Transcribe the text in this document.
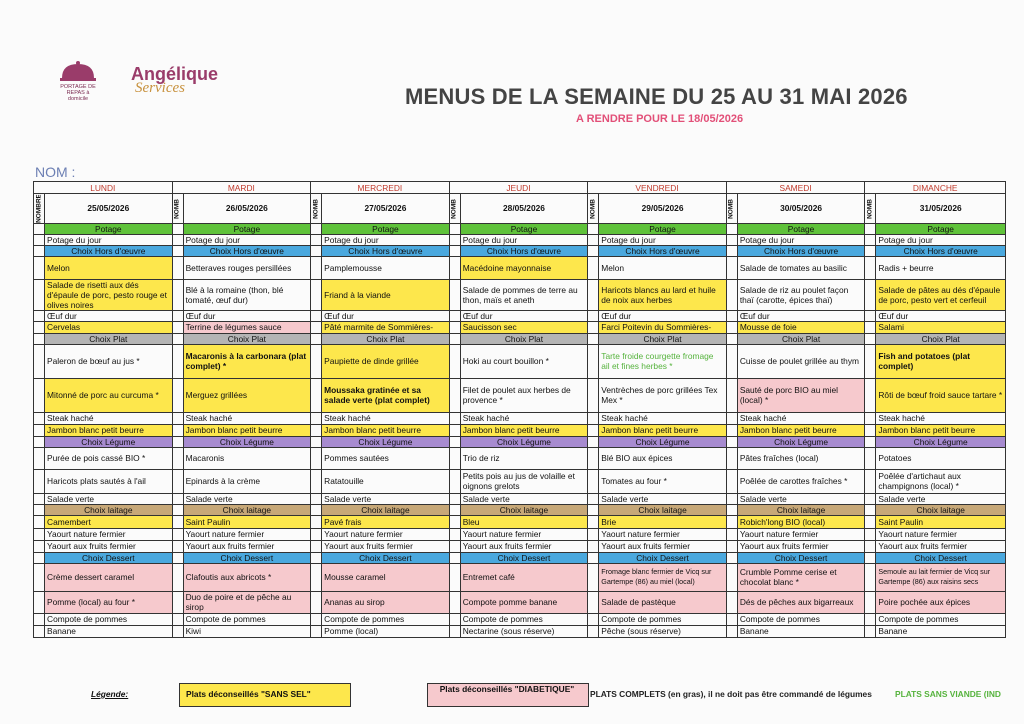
PORTAGE DE REPAS à domicile
Angélique
Services	MENUS DE LA SEMAINE DU 25 AU 31 MAI 2026
A RENDRE POUR LE 18/05/2026
NOM :
LUNDI		MARDI		MERCREDI		JEUDI		VENDREDI		SAMEDI		DIMANCHE	
NOMBRE	25/05/2026	NOMB	26/05/2026	NOMB	27/05/2026	NOMB	28/05/2026	NOMB	29/05/2026	NOMB	30/05/2026	NOMB	31/05/2026
	Potage		Potage		Potage		Potage		Potage		Potage		Potage
	Potage du jour		Potage du jour		Potage du jour		Potage du jour		Potage du jour		Potage du jour		Potage du jour
	Choix Hors d'œuvre		Choix Hors d'œuvre		Choix Hors d'œuvre		Choix Hors d'œuvre		Choix Hors d'œuvre		Choix Hors d'œuvre		Choix Hors d'œuvre
	Melon		Betteraves rouges persillées		Pamplemousse		Macédoine mayonnaise		Melon		Salade de tomates au basilic		Radis + beurre
	Salade de risetti aux dés d'épaule de porc, pesto rouge et olives noires		Blé à la romaine (thon, blé tomaté, œuf dur)		Friand à la viande		Salade de pommes de terre au thon, maïs et aneth		Haricots blancs au lard et huile de noix aux herbes		Salade de riz au poulet façon thaï (carotte, épices thaï)		Salade de pâtes au dés d'épaule de porc, pesto vert et cerfeuil
	Œuf dur		Œuf dur		Œuf dur		Œuf dur		Œuf dur		Œuf dur		Œuf dur
	Cervelas		Terrine de légumes sauce		Pâté marmite de Sommières-		Saucisson sec		Farci Poitevin du Sommières-		Mousse de foie		Salami
	Choix Plat		Choix Plat		Choix Plat		Choix Plat		Choix Plat		Choix Plat		Choix Plat
	Paleron de bœuf au jus *		Macaronis à la carbonara (plat complet) *		Paupiette de dinde grillée		Hoki au court bouillon *		Tarte froide courgette fromage ail et fines herbes *		Cuisse de poulet grillée au thym		Fish and potatoes (plat complet)
	Mitonné de porc au curcuma *		Merguez grillées		Moussaka gratinée et sa salade verte (plat complet)		Filet de poulet aux herbes de provence *		Ventrèches de porc grillées Tex Mex *		Sauté de porc BIO au miel (local) *		Rôti de bœuf froid sauce tartare *
	Steak haché		Steak haché		Steak haché		Steak haché		Steak haché		Steak haché		Steak haché
	Jambon blanc petit beurre		Jambon blanc petit beurre		Jambon blanc petit beurre		Jambon blanc petit beurre		Jambon blanc petit beurre		Jambon blanc petit beurre		Jambon blanc petit beurre
	Choix Légume		Choix Légume		Choix Légume		Choix Légume		Choix Légume		Choix Légume		Choix Légume
	Purée de pois cassé BIO *		Macaronis		Pommes sautées		Trio de riz		Blé BIO aux épices		Pâtes fraîches (local)		Potatoes
	Haricots plats sautés à l'ail		Epinards à la crème		Ratatouille		Petits pois au jus de volaille et oignons grelots		Tomates au four *		Poêlée de carottes fraîches *		Poêlée d'artichaut aux champignons (local) *
	Salade verte		Salade verte		Salade verte		Salade verte		Salade verte		Salade verte		Salade verte
	Choix laitage		Choix laitage		Choix laitage		Choix laitage		Choix laitage		Choix laitage		Choix laitage
	Camembert		Saint Paulin		Pavé frais		Bleu		Brie		Robich'long BIO (local)		Saint Paulin
	Yaourt nature fermier		Yaourt nature fermier		Yaourt nature fermier		Yaourt nature fermier		Yaourt nature fermier		Yaourt nature fermier		Yaourt nature fermier
	Yaourt aux fruits fermier		Yaourt aux fruits fermier		Yaourt aux fruits fermier		Yaourt aux fruits fermier		Yaourt aux fruits fermier		Yaourt aux fruits fermier		Yaourt aux fruits fermier
	Choix Dessert		Choix Dessert		Choix Dessert		Choix Dessert		Choix Dessert		Choix Dessert		Choix Dessert
	Crème dessert caramel		Clafoutis aux abricots *		Mousse caramel		Entremet café		Fromage blanc fermier de Vicq sur Gartempe (86) au miel (local)		Crumble Pomme cerise et chocolat blanc *		Semoule au lait fermier de Vicq sur Gartempe (86) aux raisins secs
	Pomme (local) au four *		Duo de poire et de pêche au sirop		Ananas au sirop		Compote pomme banane		Salade de pastèque		Dés de pêches aux bigarreaux		Poire pochée aux épices
	Compote de pommes		Compote de pommes		Compote de pommes		Compote de pommes		Compote de pommes		Compote de pommes		Compote de pommes
	Banane		Kiwi		Pomme (local)		Nectarine (sous réserve)		Pêche (sous réserve)		Banane		Banane
Légende:	Plats déconseillés "SANS SEL"	Plats déconseillés "DIABETIQUE"	PLATS COMPLETS (en gras), il ne doit pas être commandé de légumes	PLATS SANS VIANDE (IND
